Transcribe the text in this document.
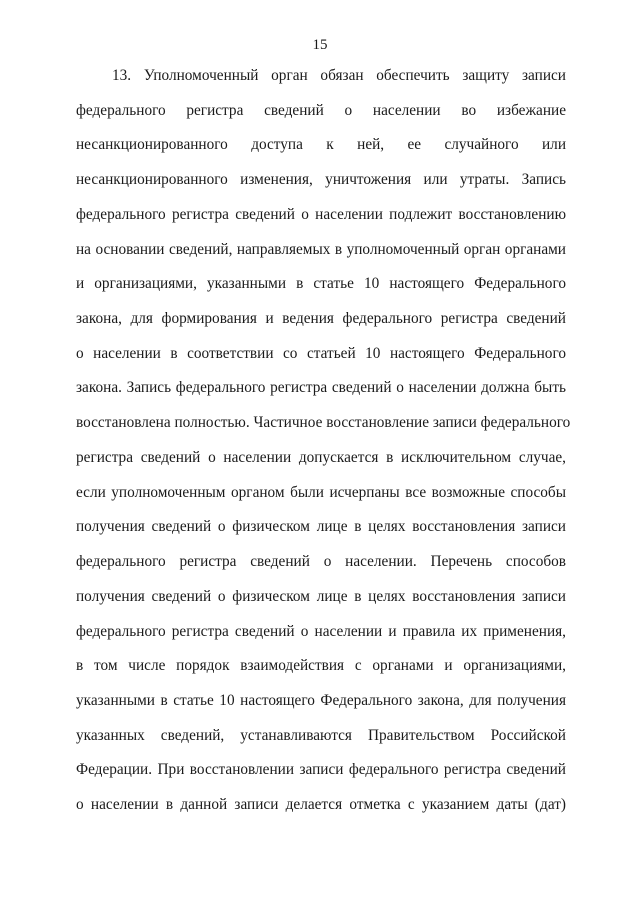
15
13. Уполномоченный орган обязан обеспечить защиту записи
федерального регистра сведений о населении во избежание
несанкционированного доступа к ней, ее случайного или
несанкционированного изменения, уничтожения или утраты. Запись
федерального регистра сведений о населении подлежит восстановлению
на основании сведений, направляемых в уполномоченный орган органами
и организациями, указанными в статье 10 настоящего Федерального
закона, для формирования и ведения федерального регистра сведений
о населении в соответствии со статьей 10 настоящего Федерального
закона. Запись федерального регистра сведений о населении должна быть
восстановлена полностью. Частичное восстановление записи федерального
регистра сведений о населении допускается в исключительном случае,
если уполномоченным органом были исчерпаны все возможные способы
получения сведений о физическом лице в целях восстановления записи
федерального регистра сведений о населении. Перечень способов
получения сведений о физическом лице в целях восстановления записи
федерального регистра сведений о населении и правила их применения,
в том числе порядок взаимодействия с органами и организациями,
указанными в статье 10 настоящего Федерального закона, для получения
указанных сведений, устанавливаются Правительством Российской
Федерации. При восстановлении записи федерального регистра сведений
о населении в данной записи делается отметка с указанием даты (дат)
